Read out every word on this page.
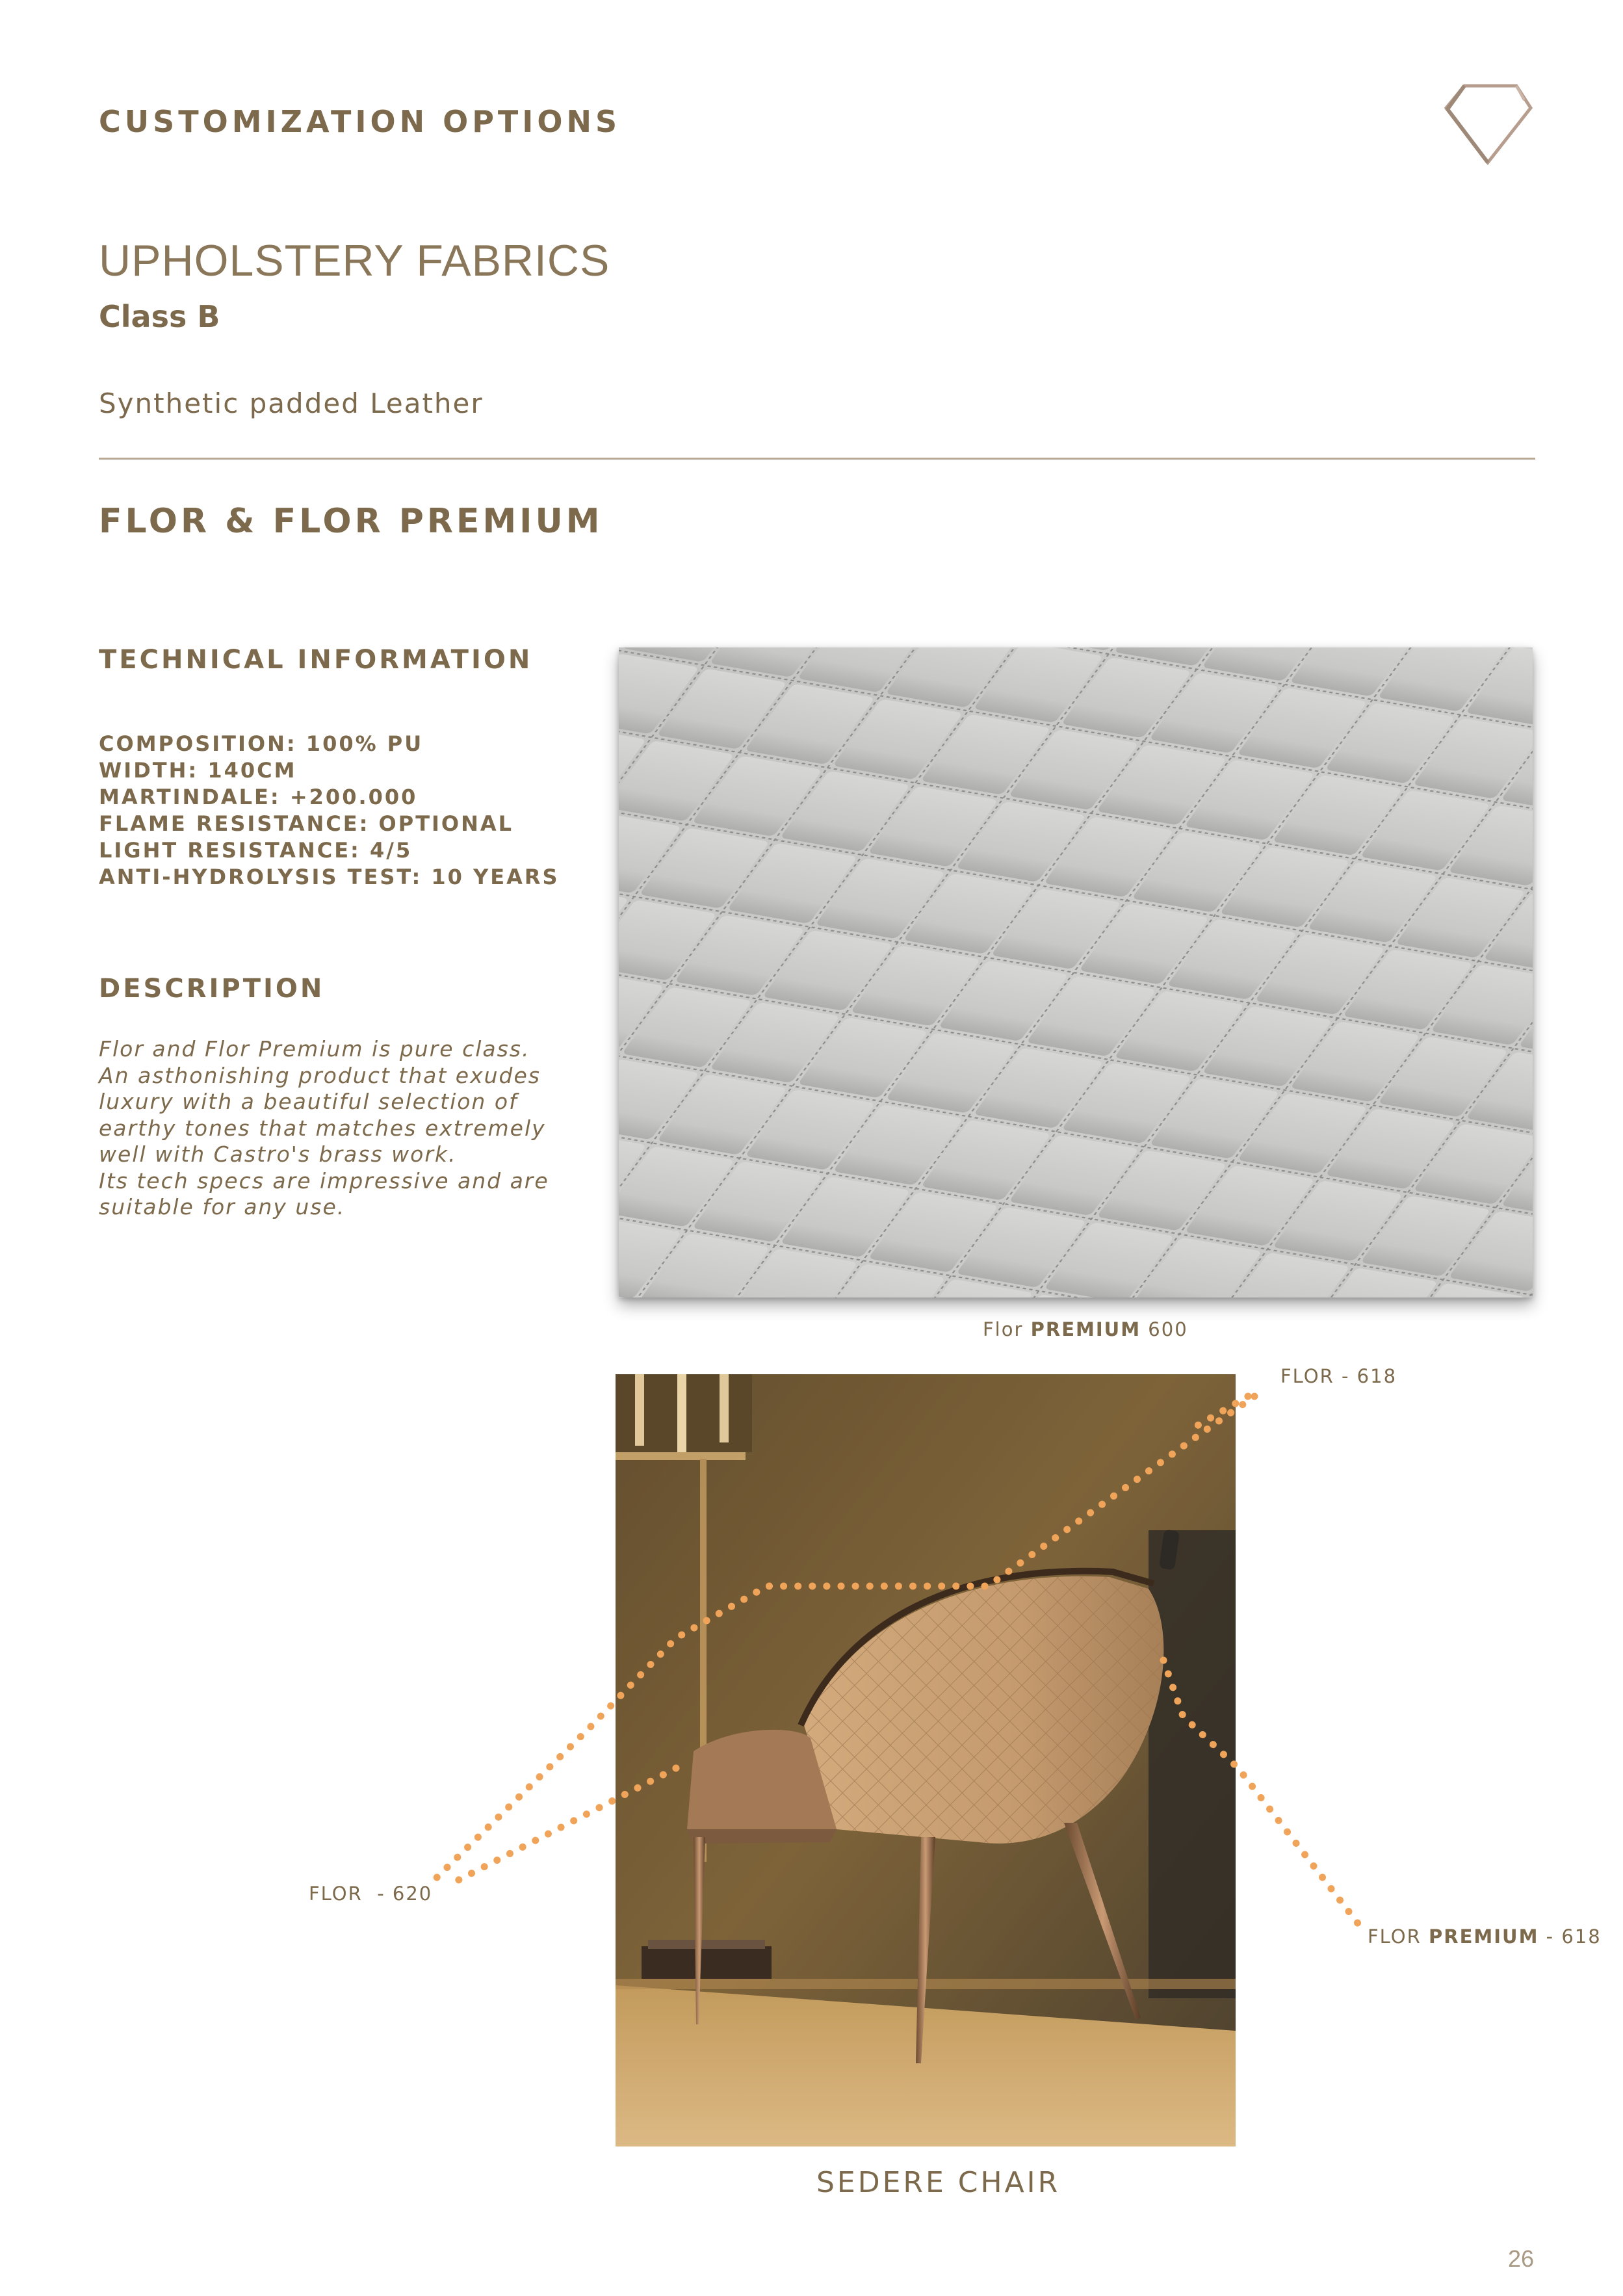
CUSTOMIZATION OPTIONS
UPHOLSTERY FABRICS
Class B
Synthetic padded Leather
FLOR & FLOR PREMIUM
TECHNICAL INFORMATION
COMPOSITION: 100% PU
WIDTH: 140CM
MARTINDALE: +200.000
FLAME RESISTANCE: OPTIONAL
LIGHT RESISTANCE: 4/5
ANTI-HYDROLYSIS TEST: 10 YEARS
DESCRIPTION

Flor and Flor Premium is pure class.

An asthonishing product that exudes

luxury with a beautiful selection of

earthy tones that matches extremely

well with Castro's brass work.

Its tech specs are impressive and are

suitable for any use.

Flor PREMIUM 600
FLOR - 618
FLOR  - 620
FLOR PREMIUM - 618
SEDERE CHAIR
26
